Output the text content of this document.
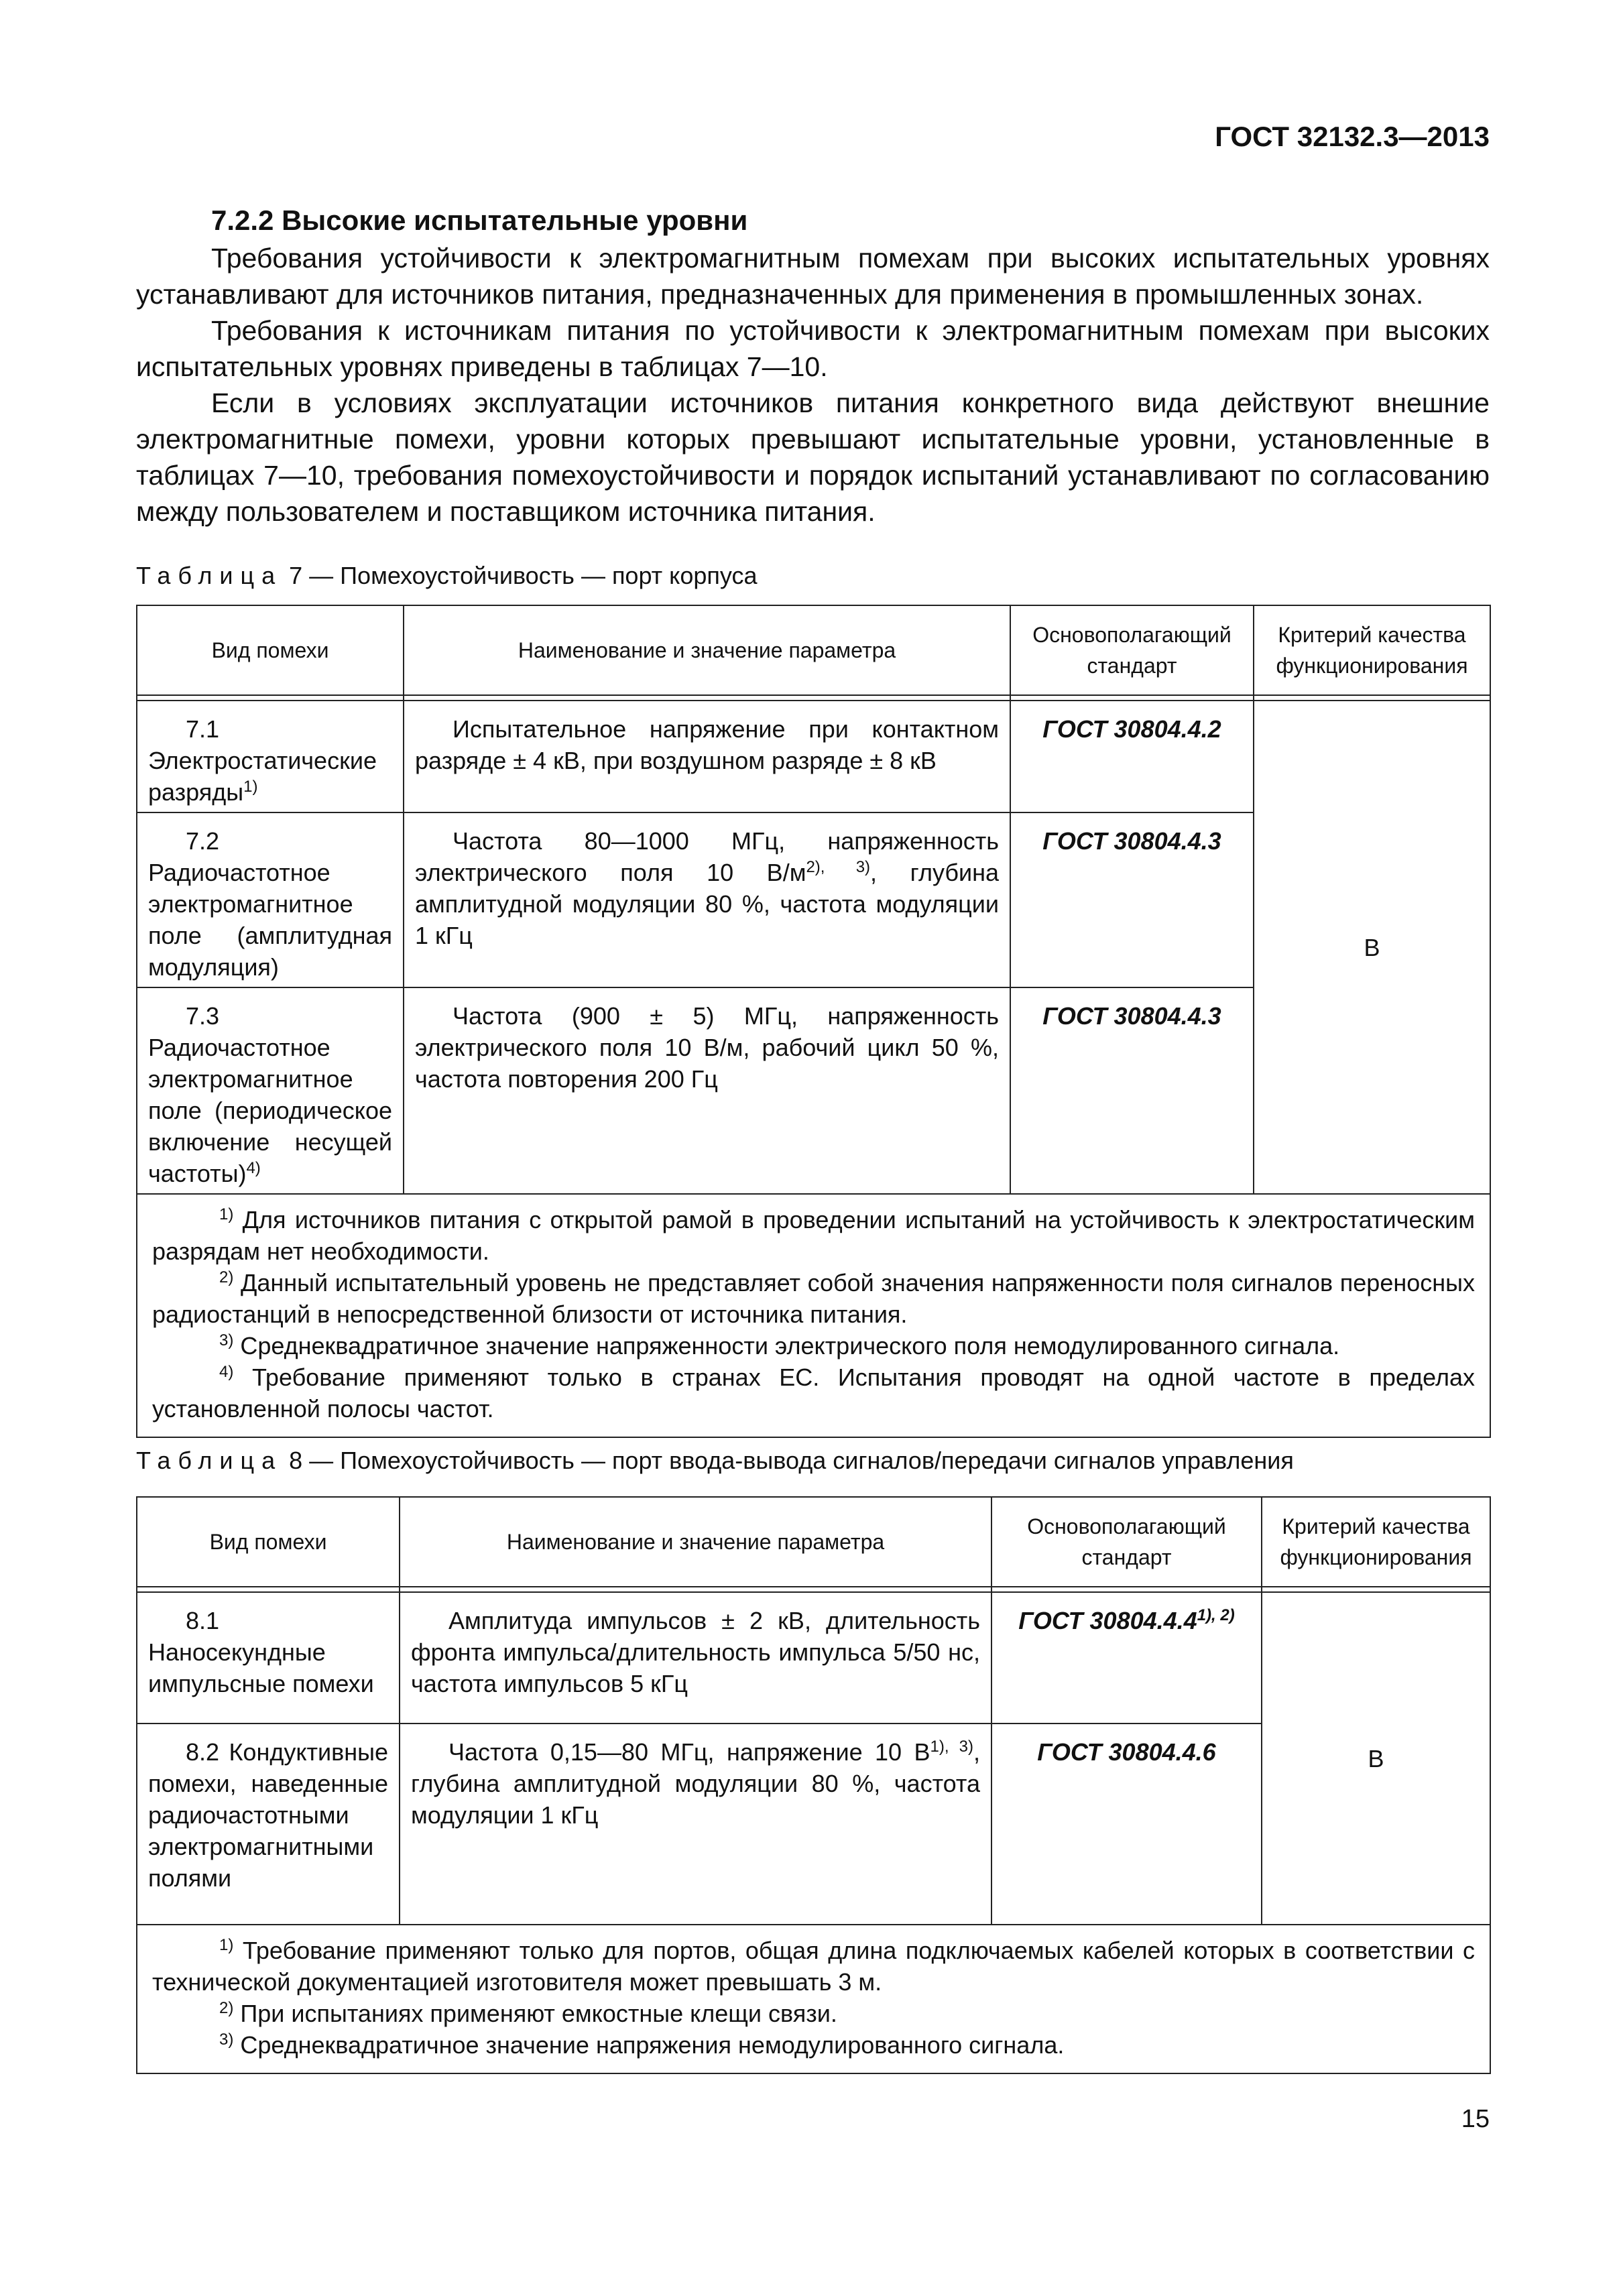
ГОСТ 32132.3—2013
7.2.2 Высокие испытательные уровни

Требования устойчивости к электромагнитным помехам при высоких испытательных уровнях устанавливают для источников питания, предназначенных для применения в промышленных зонах.

Требования к источникам питания по устойчивости к электромагнитным помехам при высоких испытательных уровнях приведены в таблицах 7—10.

Если в условиях эксплуатации источников питания конкретного вида действуют внешние электромагнитные помехи, уровни которых превышают испытательные уровни, установленные в таблицах 7—10, требования помехоустойчивости и порядок испытаний устанавливают по согласованию между пользователем и поставщиком источника питания.

Таблица 7 — Помехоустойчивость — порт корпуса
Вид помехи	Наименование и значение параметра	Основополагающий стандарт	Критерий качества функционирования

7.1 Электростатические разряды$^{1)}$	Испытательное напряжение при контактном разряде ± 4 кВ, при воздушном разряде ± 8 кВ	ГОСТ 30804.4.2	B

7.2 Радиочастотное электромагнитное поле (амплитудная модуляция)	Частота 80—1000 МГц, напряженность электрического поля 10 $В/м^{2), 3)}$, глубина амплитудной модуляции 80 %, частота модуляции 1 кГц	ГОСТ 30804.4.3	

7.3 Радиочастотное электромагнитное поле (периодическое включение несущей частоты)$^{4)}$	Частота (900 ± 5) МГц, напряженность электрического поля 10 В/м, рабочий цикл 50 %, частота повторения 200 Гц	ГОСТ 30804.4.3	

$^{1)}$ Для источников питания с открытой рамой в проведении испытаний на устойчивость к электростатическим разрядам нет необходимости.

$^{2)}$ Данный испытательный уровень не представляет собой значения напряженности поля сигналов переносных радиостанций в непосредственной близости от источника питания.

$^{3)}$ Среднеквадратичное значение напряженности электрического поля немодулированного сигнала.

$^{4)}$ Требование применяют только в странах ЕС. Испытания проводят на одной частоте в пределах установленной полосы частот.			

Таблица 8 — Помехоустойчивость — порт ввода-вывода сигналов/передачи сигналов управления
Вид помехи	Наименование и значение параметра	Основополагающий стандарт	Критерий качества функционирования

8.1 Наносекундные импульсные помехи	Амплитуда импульсов ± 2 кВ, длительность фронта импульса/длительность импульса 5/50 нс, частота импульсов 5 кГц	ГОСТ $30804.4.4^{1), 2)}$	B

8.2 Кондуктивные помехи, наведенные радиочастотными электромагнитными полями	Частота 0,15—80 МГц, напряжение 10 $В^{1), 3)}$, глубина амплитудной модуляции 80 %, частота модуляции 1 кГц	ГОСТ 30804.4.6	

$^{1)}$ Требование применяют только для портов, общая длина подключаемых кабелей которых в соответствии с технической документацией изготовителя может превышать 3 м.

$^{2)}$ При испытаниях применяют емкостные клещи связи.

$^{3)}$ Среднеквадратичное значение напряжения немодулированного сигнала.			

15
